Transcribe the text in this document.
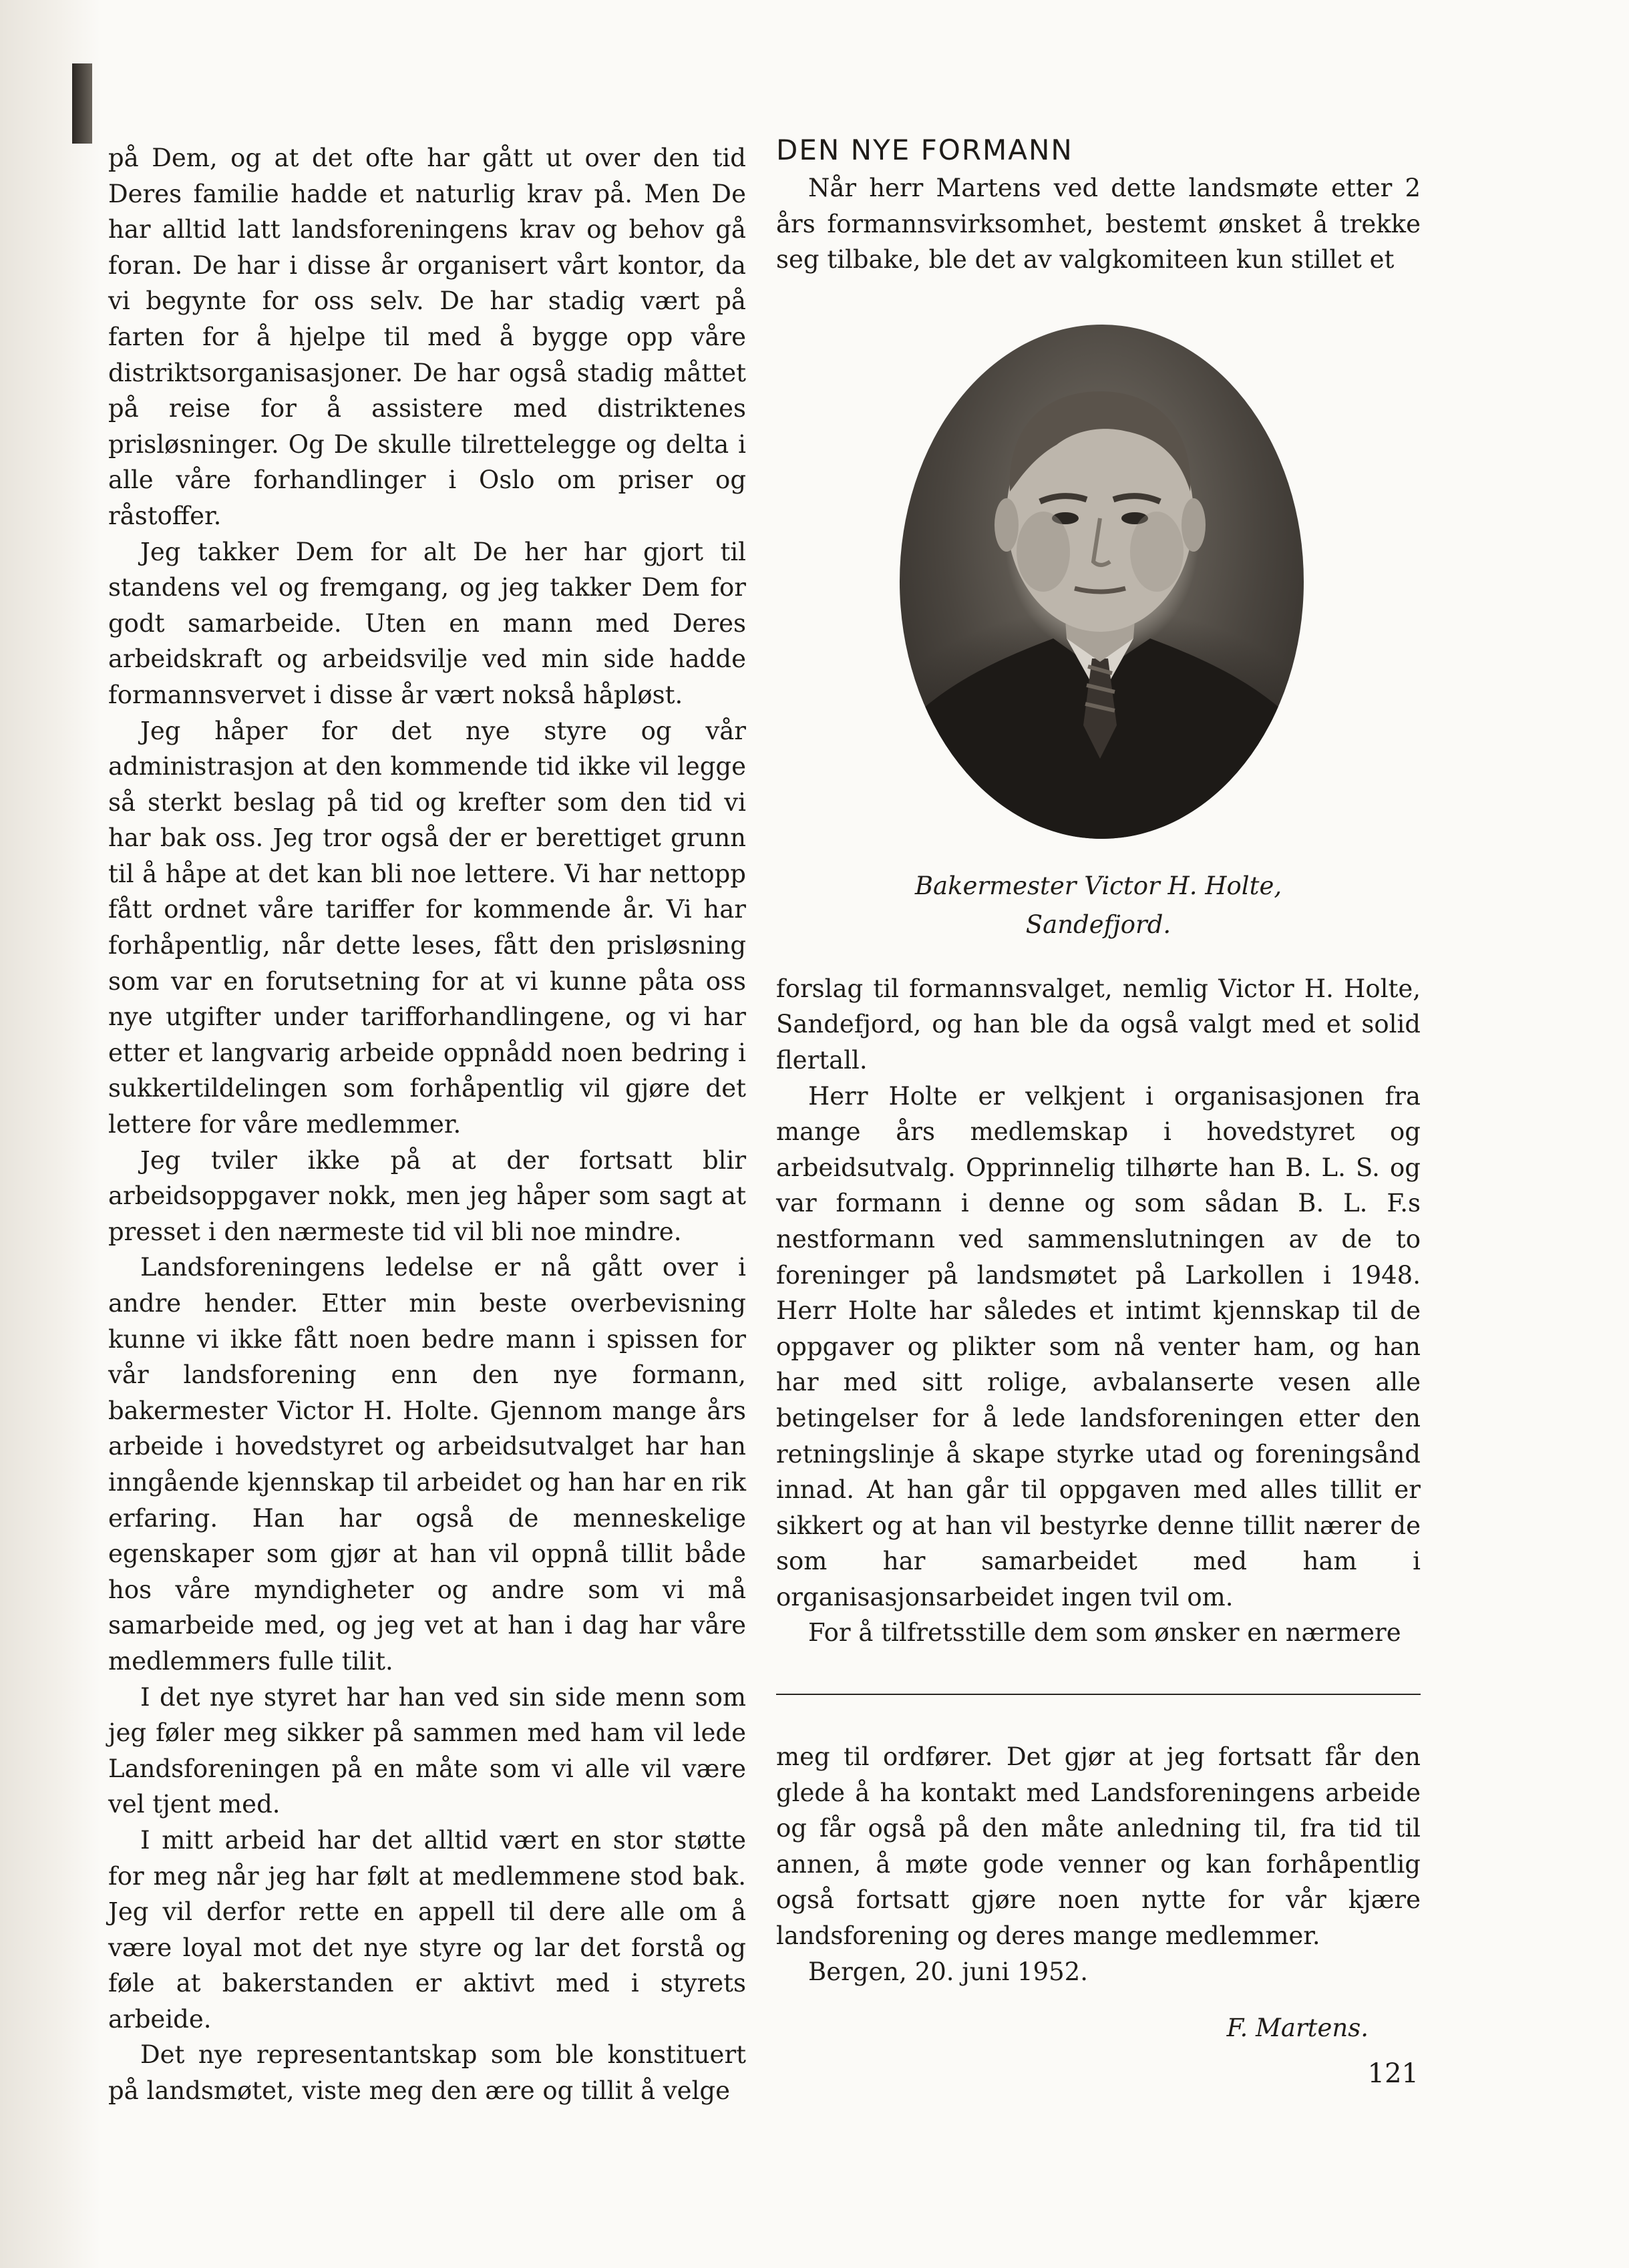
på Dem, og at det ofte har gått ut over den tid Deres familie hadde et naturlig krav på. Men De har alltid latt landsforeningens krav og behov gå foran. De har i disse år organisert vårt kontor, da vi begynte for oss selv. De har stadig vært på farten for å hjelpe til med å bygge opp våre distriktsorganisasjoner. De har også stadig måttet på reise for å assistere med distriktenes prisløsninger. Og De skulle tilrettelegge og delta i alle våre forhandlinger i Oslo om priser og råstoffer.

Jeg takker Dem for alt De her har gjort til standens vel og fremgang, og jeg takker Dem for godt samarbeide. Uten en mann med Deres arbeidskraft og arbeidsvilje ved min side hadde formannsvervet i disse år vært nokså håpløst.

Jeg håper for det nye styre og vår administrasjon at den kommende tid ikke vil legge så sterkt beslag på tid og krefter som den tid vi har bak oss. Jeg tror også der er berettiget grunn til å håpe at det kan bli noe lettere. Vi har nettopp fått ordnet våre tariffer for kommende år. Vi har forhåpentlig, når dette leses, fått den prisløsning som var en forutsetning for at vi kunne påta oss nye utgifter under tarifforhandlingene, og vi har etter et langvarig arbeide oppnådd noen bedring i sukkertildelingen som forhåpentlig vil gjøre det lettere for våre medlemmer.

Jeg tviler ikke på at der fortsatt blir arbeidsoppgaver nokk, men jeg håper som sagt at presset i den nærmeste tid vil bli noe mindre.

Landsforeningens ledelse er nå gått over i andre hender. Etter min beste overbevisning kunne vi ikke fått noen bedre mann i spissen for vår landsforening enn den nye formann, bakermester Victor H. Holte. Gjennom mange års arbeide i hovedstyret og arbeidsutvalget har han inngående kjennskap til arbeidet og han har en rik erfaring. Han har også de menneskelige egenskaper som gjør at han vil oppnå tillit både hos våre myndigheter og andre som vi må samarbeide med, og jeg vet at han i dag har våre medlemmers fulle tilit.

I det nye styret har han ved sin side menn som jeg føler meg sikker på sammen med ham vil lede Landsforeningen på en måte som vi alle vil være vel tjent med.

I mitt arbeid har det alltid vært en stor støtte for meg når jeg har følt at medlemmene stod bak. Jeg vil derfor rette en appell til dere alle om å være loyal mot det nye styre og lar det forstå og føle at bakerstanden er aktivt med i styrets arbeide.

Det nye representantskap som ble konstituert på landsmøtet, viste meg den ære og tillit å velge

DEN NYE FORMANN

Når herr Martens ved dette landsmøte etter 2 års formannsvirksomhet, bestemt ønsket å trekke seg tilbake, ble det av valgkomiteen kun stillet et

Bakermester Victor H. Holte,
Sandefjord.

forslag til formannsvalget, nemlig Victor H. Holte, Sandefjord, og han ble da også valgt med et solid flertall.

Herr Holte er velkjent i organisasjonen fra mange års medlemskap i hovedstyret og arbeidsutvalg. Opprinnelig tilhørte han B. L. S. og var formann i denne og som sådan B. L. F.s nestformann ved sammenslutningen av de to foreninger på landsmøtet på Larkollen i 1948. Herr Holte har således et intimt kjennskap til de oppgaver og plikter som nå venter ham, og han har med sitt rolige, avbalanserte vesen alle betingelser for å lede landsforeningen etter den retningslinje å skape styrke utad og foreningsånd innad. At han går til oppgaven med alles tillit er sikkert og at han vil bestyrke denne tillit nærer de som har samarbeidet med ham i organisasjonsarbeidet ingen tvil om.

For å tilfretsstille dem som ønsker en nærmere

meg til ordfører. Det gjør at jeg fortsatt får den glede å ha kontakt med Landsforeningens arbeide og får også på den måte anledning til, fra tid til annen, å møte gode venner og kan forhåpentlig også fortsatt gjøre noen nytte for vår kjære landsforening og deres mange medlemmer.

Bergen, 20. juni 1952.

F. Martens.
121
